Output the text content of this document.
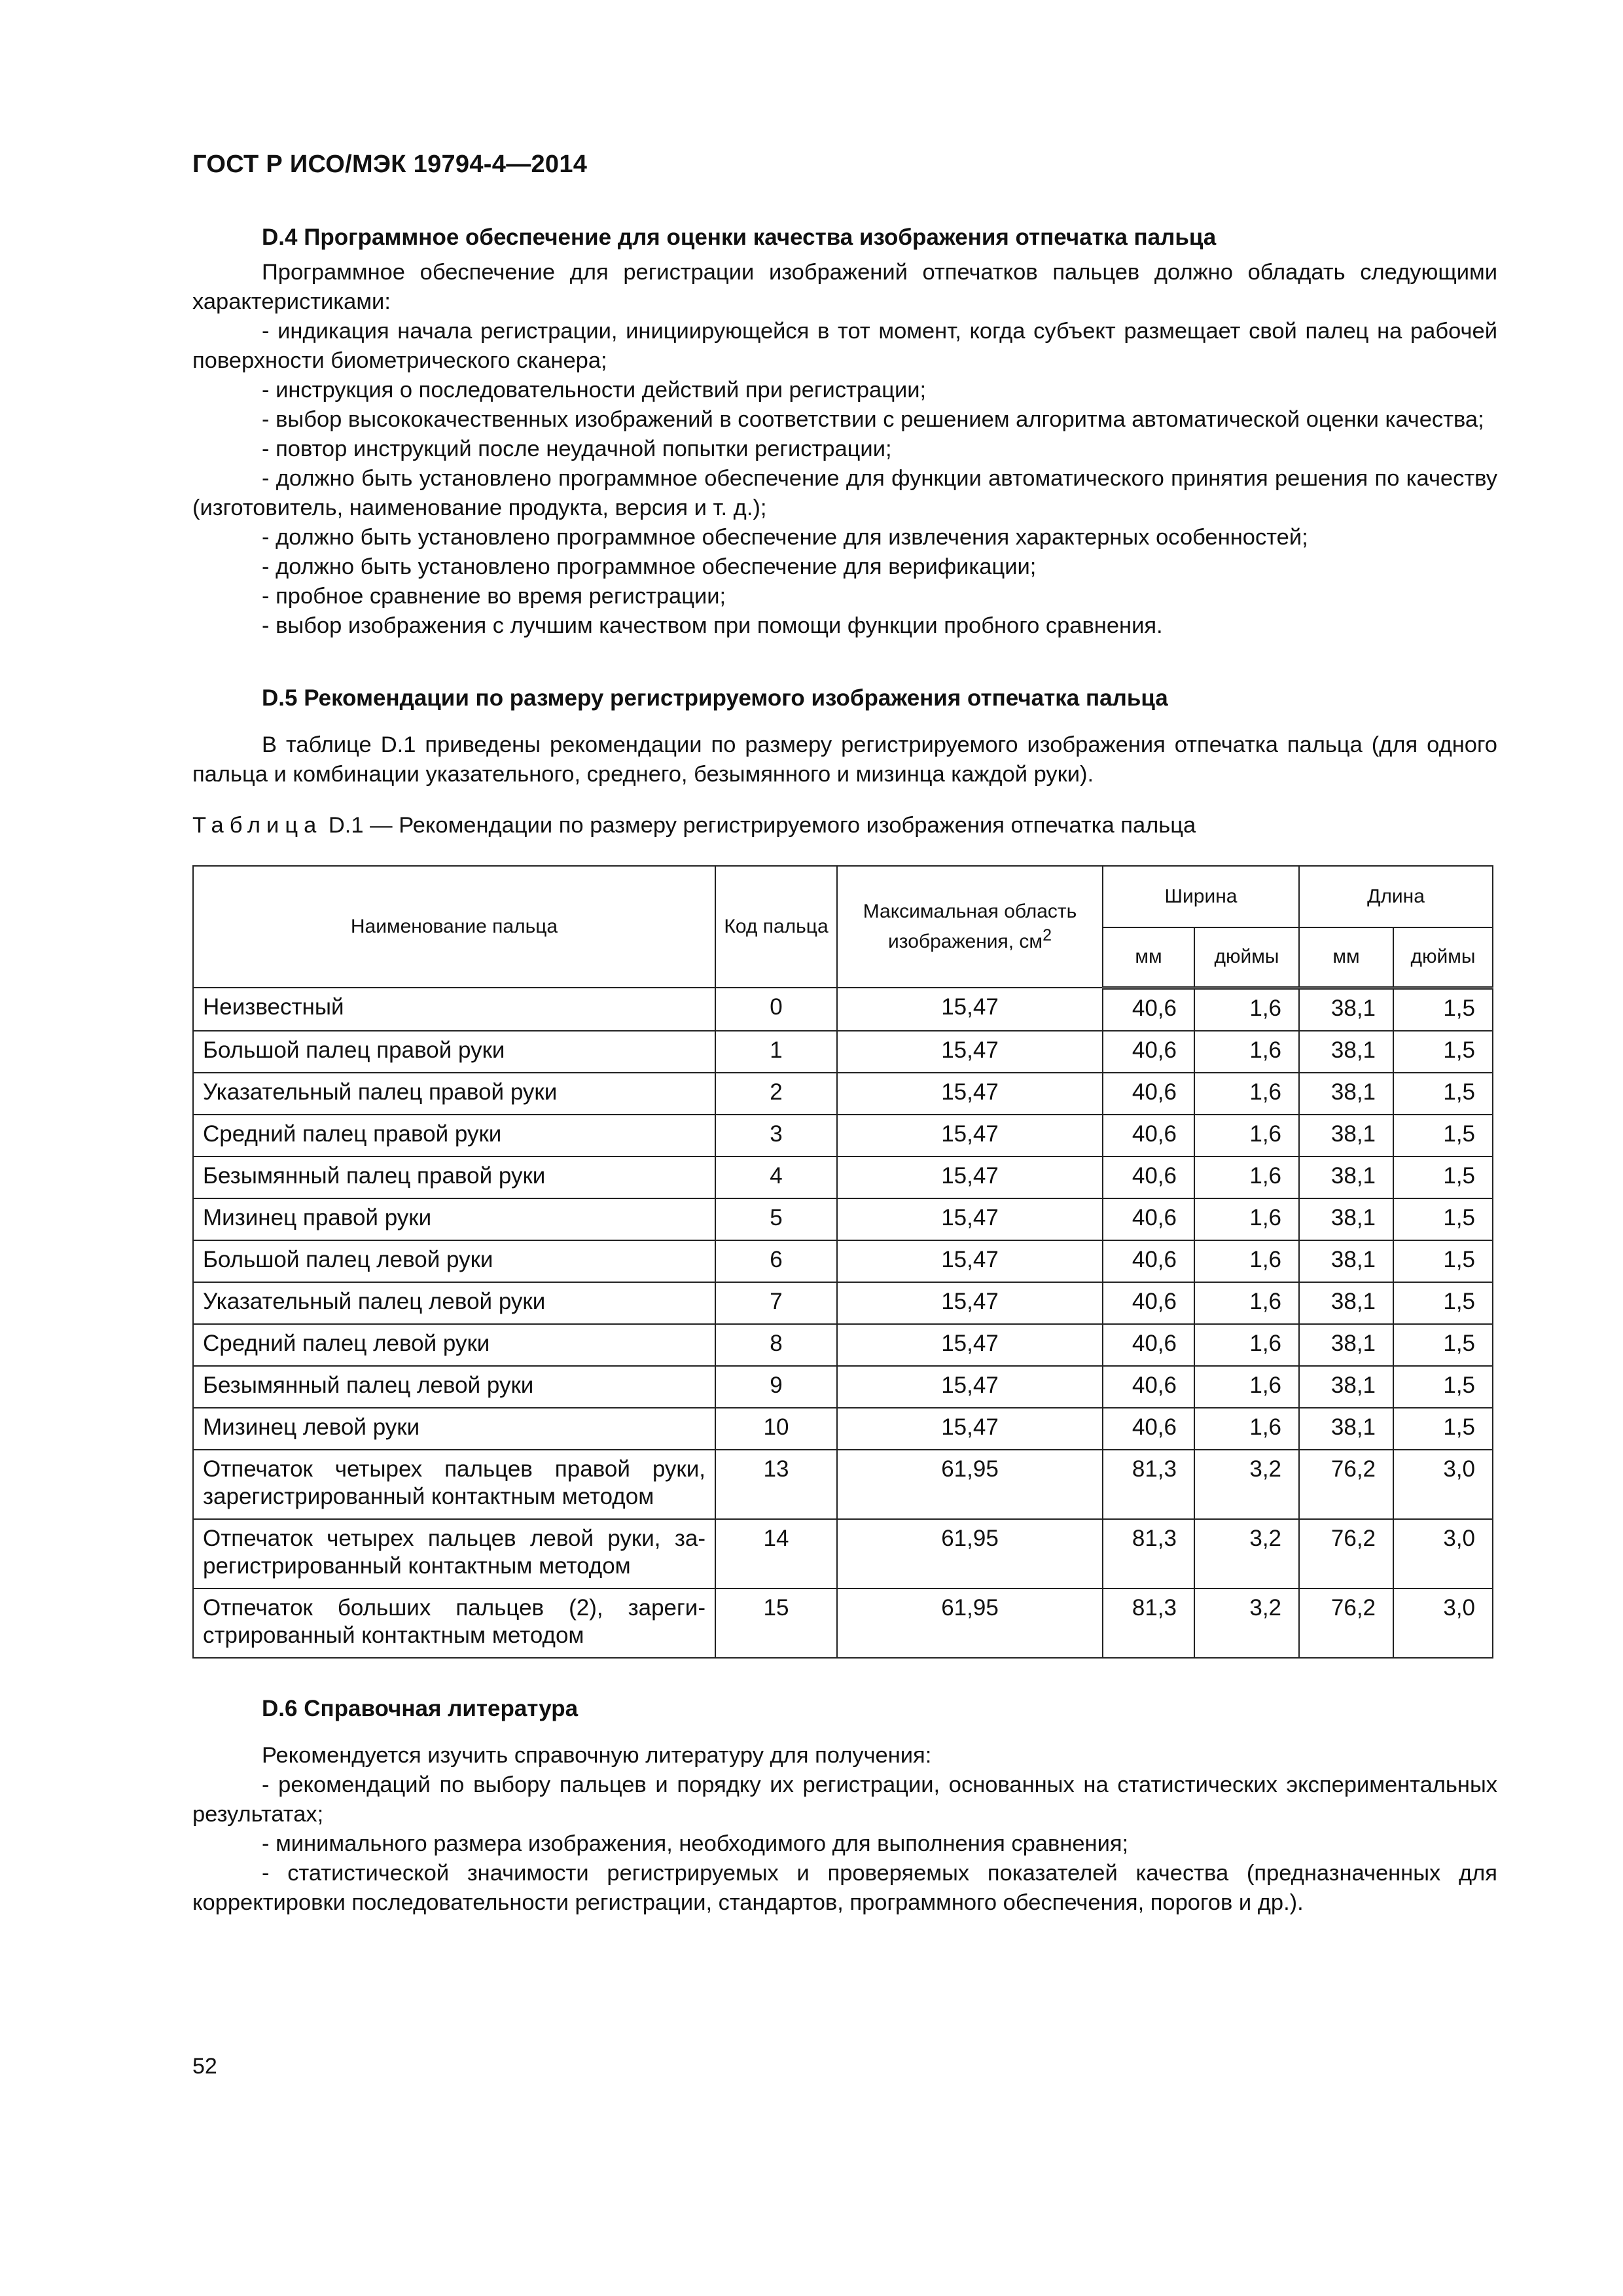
ГОСТ Р ИСО/МЭК 19794-4—2014
D.4 Программное обеспечение для оценки качества изображения отпечатка пальца

Программное обеспечение для регистрации изображений отпечатков пальцев должно обладать следующими характеристиками:

- индикация начала регистрации, инициирующейся в тот момент, когда субъект размещает свой палец на рабочей поверхности биометрического сканера;

- инструкция о последовательности действий при регистрации;

- выбор высококачественных изображений в соответствии с решением алгоритма автоматической оценки качества;

- повтор инструкций после неудачной попытки регистрации;

- должно быть установлено программное обеспечение для функции автоматического принятия решения по качеству (изготовитель, наименование продукта, версия и т. д.);

- должно быть установлено программное обеспечение для извлечения характерных особенностей;

- должно быть установлено программное обеспечение для верификации;

- пробное сравнение во время регистрации;

- выбор изображения с лучшим качеством при помощи функции пробного сравнения.

D.5 Рекомендации по размеру регистрируемого изображения отпечатка пальца

В таблице D.1 приведены рекомендации по размеру регистрируемого изображения отпечатка пальца (для одного пальца и комбинации указательного, среднего, безымянного и мизинца каждой руки).

Таблица D.1 — Рекомендации по размеру регистрируемого изображения отпечатка пальца
Наименование пальца	Код пальца	Максимальная область изображения, $см^2$	Ширина		Длина	
			мм	дюймы	мм	дюймы
Неизвестный	0	15,47	40,6	1,6	38,1	1,5
Большой палец правой руки	1	15,47	40,6	1,6	38,1	1,5
Указательный палец правой руки	2	15,47	40,6	1,6	38,1	1,5
Средний палец правой руки	3	15,47	40,6	1,6	38,1	1,5
Безымянный палец правой руки	4	15,47	40,6	1,6	38,1	1,5
Мизинец правой руки	5	15,47	40,6	1,6	38,1	1,5
Большой палец левой руки	6	15,47	40,6	1,6	38,1	1,5
Указательный палец левой руки	7	15,47	40,6	1,6	38,1	1,5
Средний палец левой руки	8	15,47	40,6	1,6	38,1	1,5
Безымянный палец левой руки	9	15,47	40,6	1,6	38,1	1,5
Мизинец левой руки	10	15,47	40,6	1,6	38,1	1,5
Отпечаток четырех пальцев правой руки, зарегистрированный контактным методом	13	61,95	81,3	3,2	76,2	3,0
Отпечаток четырех пальцев левой руки, зарегистрированный контактным методом	14	61,95	81,3	3,2	76,2	3,0
Отпечаток больших пальцев (2), зарегистрированный контактным методом	15	61,95	81,3	3,2	76,2	3,0
D.6 Справочная литература

Рекомендуется изучить справочную литературу для получения:

- рекомендаций по выбору пальцев и порядку их регистрации, основанных на статистических экспериментальных результатах;

- минимального размера изображения, необходимого для выполнения сравнения;

- статистической значимости регистрируемых и проверяемых показателей качества (предназначенных для корректировки последовательности регистрации, стандартов, программного обеспечения, порогов и др.).

52
